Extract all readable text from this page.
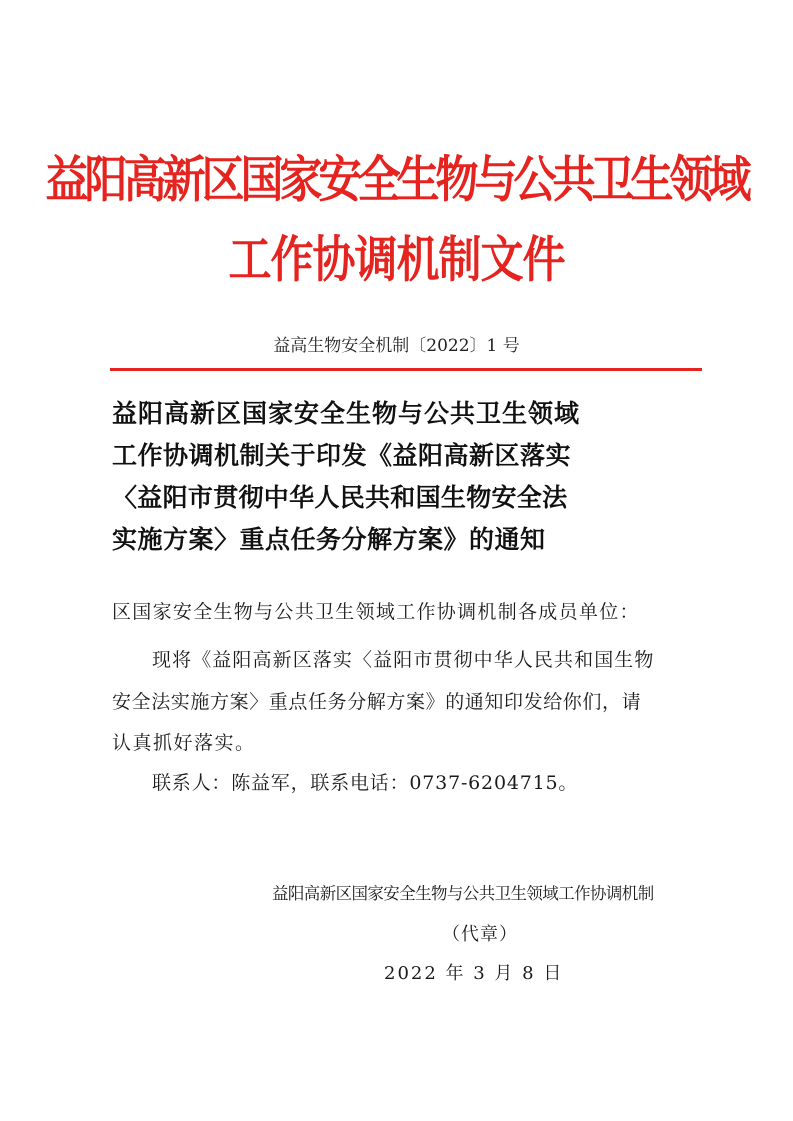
益阳高新区国家安全生物与公共卫生领域
工作协调机制文件
益高生物安全机制〔2022〕1 号
益阳高新区国家安全生物与公共卫生领域
工作协调机制关于印发《益阳高新区落实
〈益阳市贯彻中华人民共和国生物安全法
实施方案〉重点任务分解方案》的通知
区国家安全生物与公共卫生领域工作协调机制各成员单位：
现将《益阳高新区落实〈益阳市贯彻中华人民共和国生物
安全法实施方案〉重点任务分解方案》的通知印发给你们，请
认真抓好落实。
联系人：陈益军，联系电话：0737-6204715。
益阳高新区国家安全生物与公共卫生领域工作协调机制
（代章）
2022 年 3 月 8 日
